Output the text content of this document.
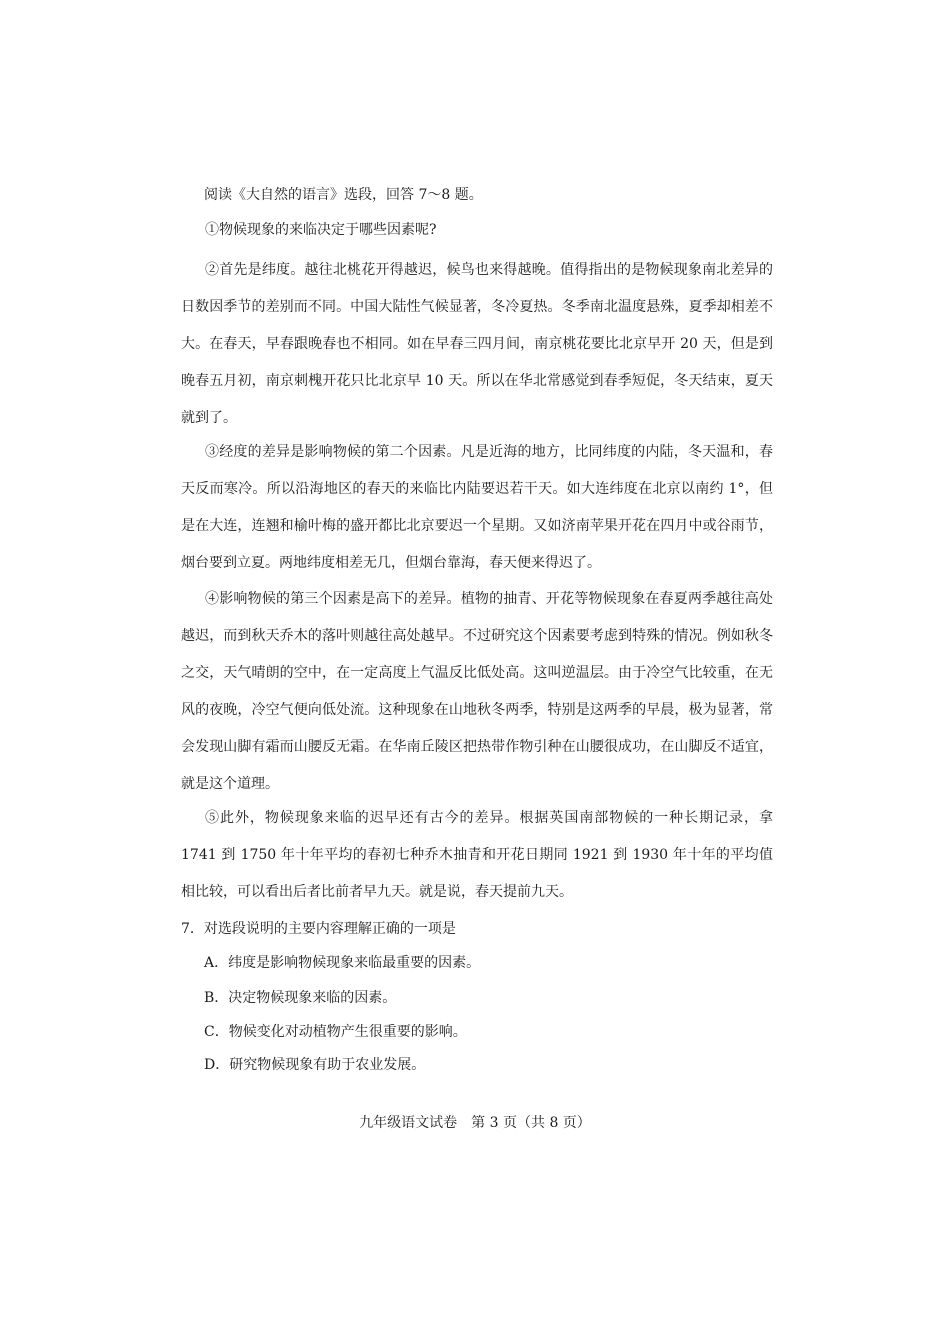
阅读《大自然的语言》选段，回答 7～8 题。
①物候现象的来临决定于哪些因素呢?
②首先是纬度。越往北桃花开得越迟，候鸟也来得越晚。值得指出的是物候现象南北差异的日数因季节的差别而不同。中国大陆性气候显著，冬冷夏热。冬季南北温度悬殊，夏季却相差不大。在春天，早春跟晚春也不相同。如在早春三四月间，南京桃花要比北京早开 20 天，但是到晚春五月初，南京刺槐开花只比北京早 10 天。所以在华北常感觉到春季短促，冬天结束，夏天就到了。
③经度的差异是影响物候的第二个因素。凡是近海的地方，比同纬度的内陆，冬天温和，春天反而寒冷。所以沿海地区的春天的来临比内陆要迟若干天。如大连纬度在北京以南约 1°，但是在大连，连翘和榆叶梅的盛开都比北京要迟一个星期。又如济南苹果开花在四月中或谷雨节，烟台要到立夏。两地纬度相差无几，但烟台靠海，春天便来得迟了。
④影响物候的第三个因素是高下的差异。植物的抽青、开花等物候现象在春夏两季越往高处越迟，而到秋天乔木的落叶则越往高处越早。不过研究这个因素要考虑到特殊的情况。例如秋冬之交，天气晴朗的空中，在一定高度上气温反比低处高。这叫逆温层。由于冷空气比较重，在无风的夜晚，冷空气便向低处流。这种现象在山地秋冬两季，特别是这两季的早晨，极为显著，常会发现山脚有霜而山腰反无霜。在华南丘陵区把热带作物引种在山腰很成功，在山脚反不适宜，就是这个道理。
⑤此外，物候现象来临的迟早还有古今的差异。根据英国南部物候的一种长期记录，拿 1741 到 1750 年十年平均的春初七种乔木抽青和开花日期同 1921 到 1930 年十年的平均值相比较，可以看出后者比前者早九天。就是说，春天提前九天。
7．对选段说明的主要内容理解正确的一项是
A．纬度是影响物候现象来临最重要的因素。
B．决定物候现象来临的因素。
C．物候变化对动植物产生很重要的影响。
D．研究物候现象有助于农业发展。
九年级语文试卷　第 3 页（共 8 页）
